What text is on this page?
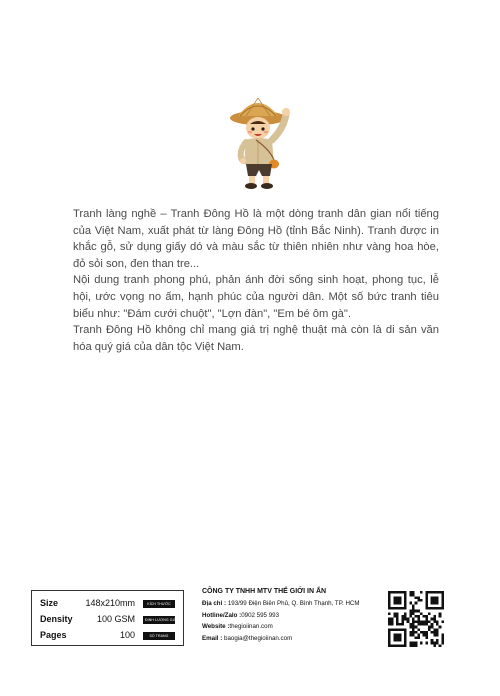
Tranh làng nghề – Tranh Đông Hồ là một dòng tranh dân gian nổi tiếng của Việt Nam, xuất phát từ làng Đông Hồ (tỉnh Bắc Ninh). Tranh được in khắc gỗ, sử dụng giấy dó và màu sắc từ thiên nhiên như vàng hoa hòe, đỏ sỏi son, đen than tre...

Nội dung tranh phong phú, phản ánh đời sống sinh hoạt, phong tục, lễ hội, ước vọng no ấm, hạnh phúc của người dân. Một số bức tranh tiêu biểu như: "Đám cưới chuột", "Lợn đàn", "Em bé ôm gà".

Tranh Đông Hồ không chỉ mang giá trị nghệ thuật mà còn là di sản văn hóa quý giá của dân tộc Việt Nam.

Size	148x210mm	KÍCH THƯỚC
Density	100 GSM	ĐỊNH LƯỢNG GIẤY
Pages	100	SỐ TRANG
CÔNG TY TNHH MTV THẾ GIỚI IN ẤN
Địa chỉ : 193/99 Điện Biên Phủ, Q. Bình Thạnh, TP. HCM
Hotline/Zalo :0902 595 993
Website :thegioiinan.com
Email : baogia@thegioiinan.com
